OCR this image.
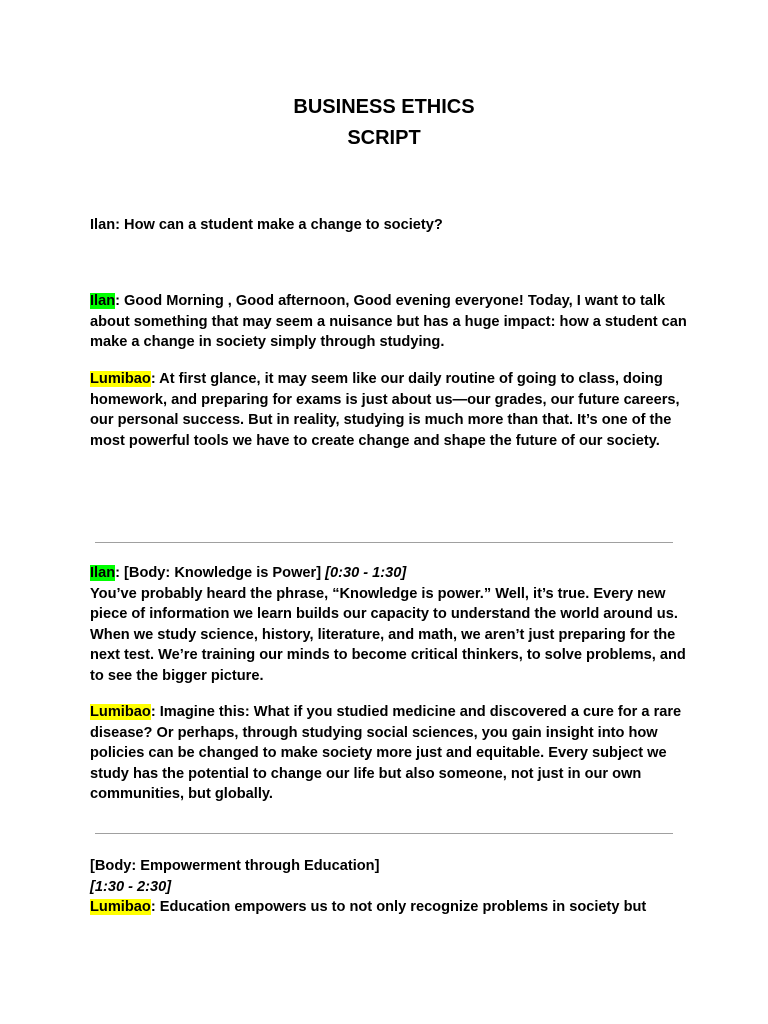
BUSINESS ETHICS
SCRIPT
Ilan: How can a student make a change to society?
Ilan: Good Morning , Good afternoon, Good evening everyone! Today, I want to talk about something that may seem a nuisance but has a huge impact: how a student can make a change in society simply through studying.
Lumibao: At first glance, it may seem like our daily routine of going to class, doing homework, and preparing for exams is just about us—our grades, our future careers, our personal success. But in reality, studying is much more than that. It’s one of the most powerful tools we have to create change and shape the future of our society.
Ilan: [Body: Knowledge is Power] [0:30 - 1:30]
You’ve probably heard the phrase, “Knowledge is power.” Well, it’s true. Every new piece of information we learn builds our capacity to understand the world around us. When we study science, history, literature, and math, we aren’t just preparing for the next test. We’re training our minds to become critical thinkers, to solve problems, and to see the bigger picture.
Lumibao: Imagine this: What if you studied medicine and discovered a cure for a rare disease? Or perhaps, through studying social sciences, you gain insight into how policies can be changed to make society more just and equitable. Every subject we study has the potential to change our life but also someone, not just in our own communities, but globally.
[Body: Empowerment through Education]
[1:30 - 2:30]
Lumibao: Education empowers us to not only recognize problems in society but
